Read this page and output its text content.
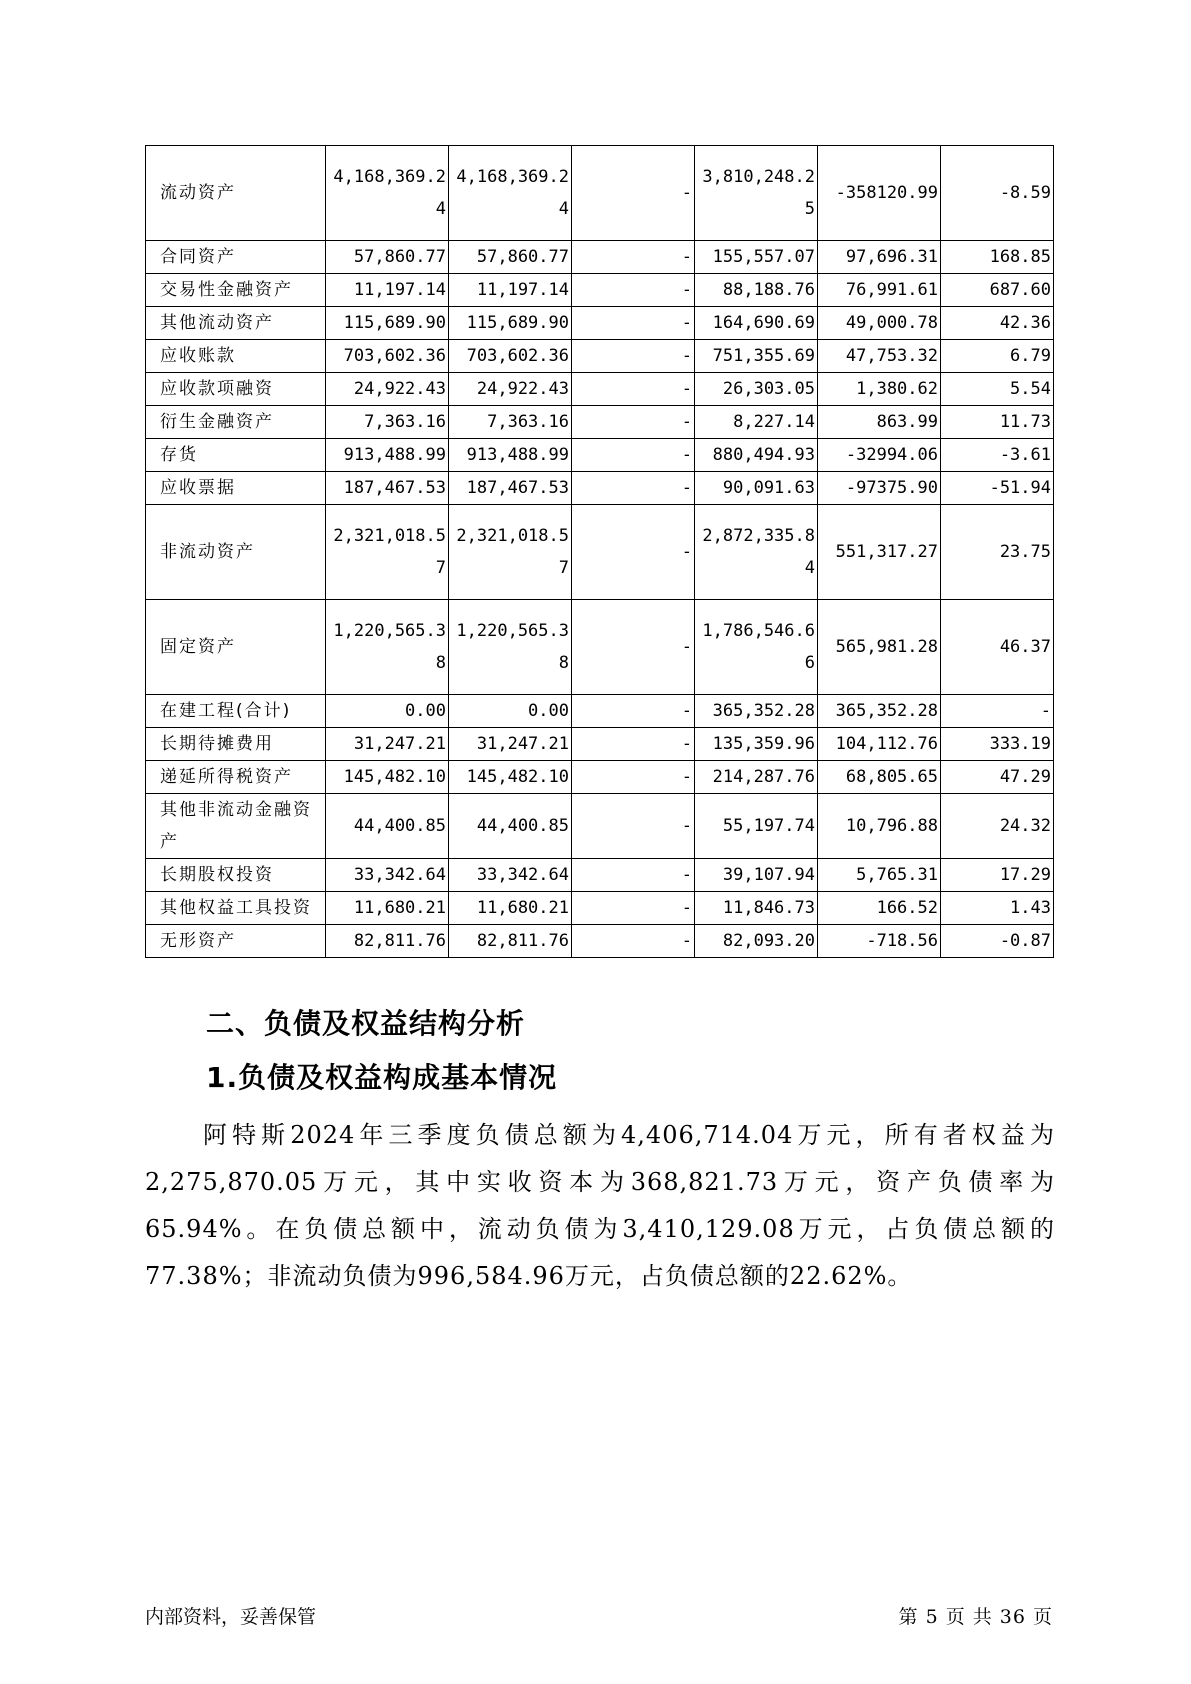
流动资产	4,168,369.24	4,168,369.24	-	3,810,248.25	-358120.99	-8.59
合同资产	57,860.77	57,860.77	-	155,557.07	97,696.31	168.85
交易性金融资产	11,197.14	11,197.14	-	88,188.76	76,991.61	687.60
其他流动资产	115,689.90	115,689.90	-	164,690.69	49,000.78	42.36
应收账款	703,602.36	703,602.36	-	751,355.69	47,753.32	6.79
应收款项融资	24,922.43	24,922.43	-	26,303.05	1,380.62	5.54
衍生金融资产	7,363.16	7,363.16	-	8,227.14	863.99	11.73
存货	913,488.99	913,488.99	-	880,494.93	-32994.06	-3.61
应收票据	187,467.53	187,467.53	-	90,091.63	-97375.90	-51.94
非流动资产	2,321,018.57	2,321,018.57	-	2,872,335.84	551,317.27	23.75
固定资产	1,220,565.38	1,220,565.38	-	1,786,546.66	565,981.28	46.37
在建工程(合计)	0.00	0.00	-	365,352.28	365,352.28	-
长期待摊费用	31,247.21	31,247.21	-	135,359.96	104,112.76	333.19
递延所得税资产	145,482.10	145,482.10	-	214,287.76	68,805.65	47.29
其他非流动金融资产	44,400.85	44,400.85	-	55,197.74	10,796.88	24.32
长期股权投资	33,342.64	33,342.64	-	39,107.94	5,765.31	17.29
其他权益工具投资	11,680.21	11,680.21	-	11,846.73	166.52	1.43
无形资产	82,811.76	82,811.76	-	82,093.20	-718.56	-0.87
二、负债及权益结构分析
1.负债及权益构成基本情况
阿特斯2024年三季度负债总额为4,406,714.04万元，所有者权益为2,275,870.05万元，其中实收资本为368,821.73万元，资产负债率为65.94%。在负债总额中，流动负债为3,410,129.08万元，占负债总额的77.38%；非流动负债为996,584.96万元，占负债总额的22.62%。
内部资料，妥善保管	第 5 页 共 36 页
